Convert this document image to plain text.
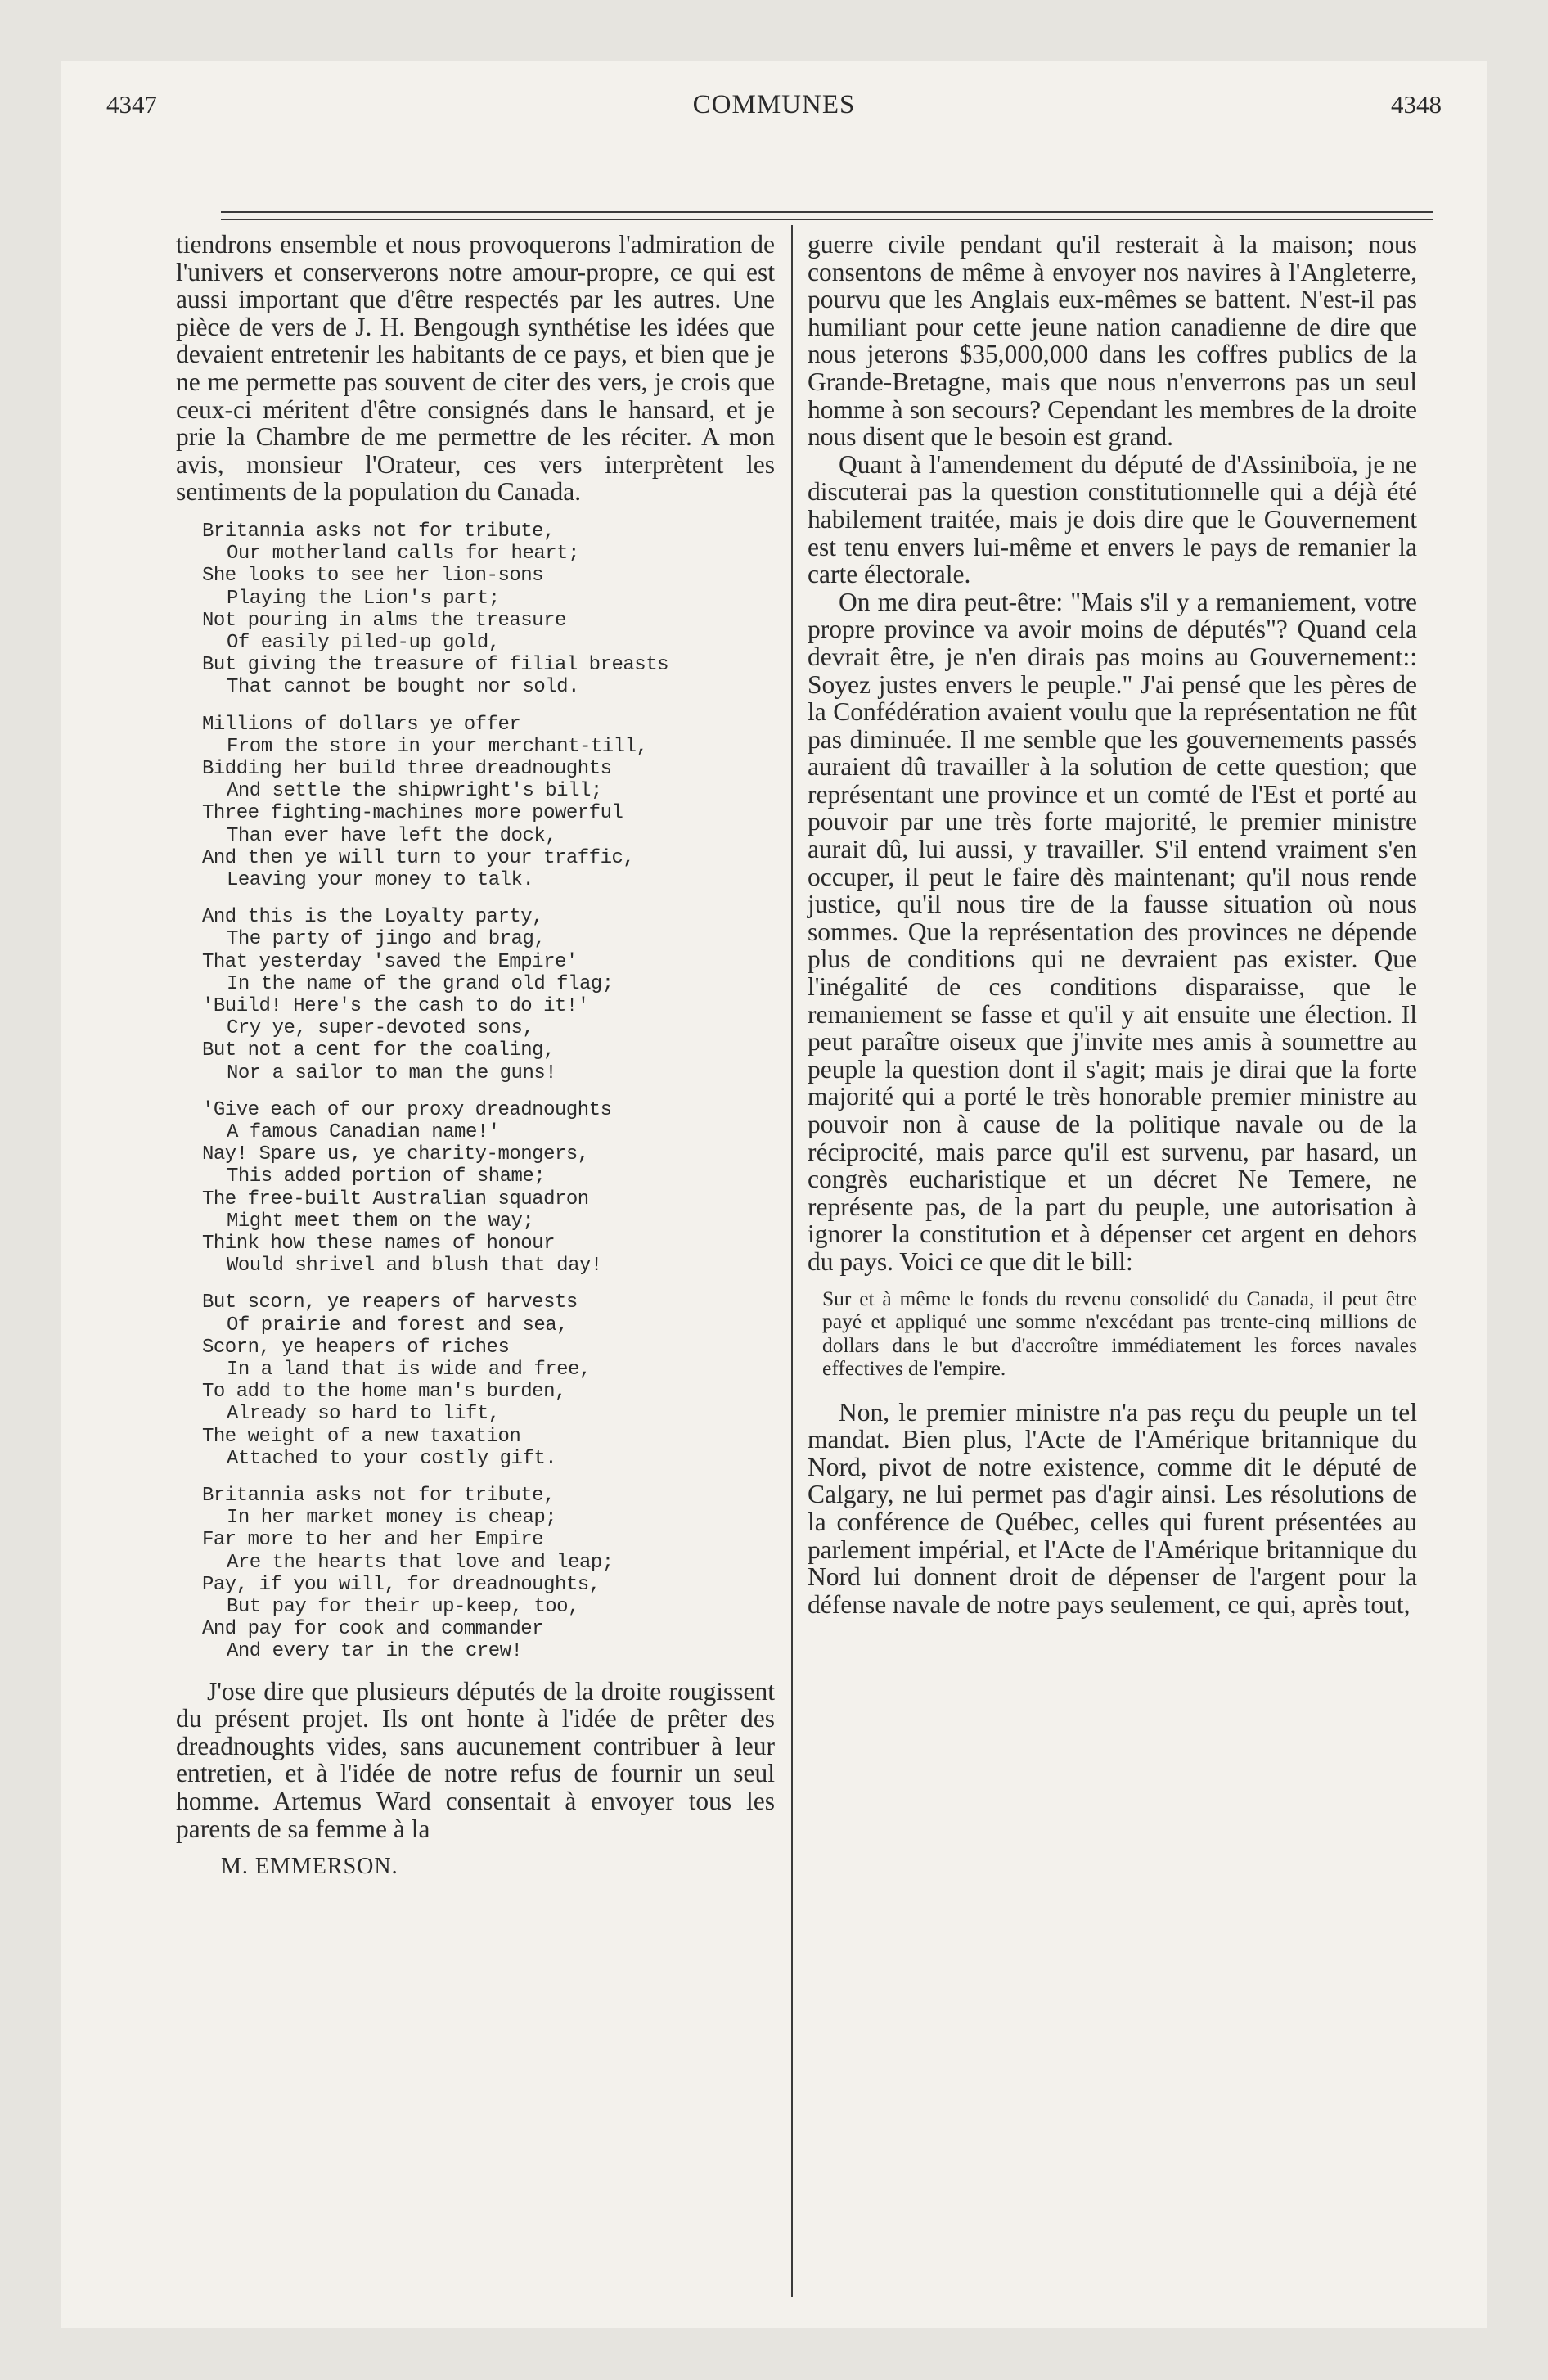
COMMUNES
4347	4348

tiendrons ensemble et nous provoquerons l'admiration de l'univers et conserverons notre amour-propre, ce qui est aussi important que d'être respectés par les autres. Une pièce de vers de J. H. Bengough synthétise les idées que devaient entretenir les habitants de ce pays, et bien que je ne me permette pas souvent de citer des vers, je crois que ceux-ci méritent d'être consignés dans le hansard, et je prie la Chambre de me permettre de les réciter. A mon avis, monsieur l'Orateur, ces vers interprètent les sentiments de la population du Canada.

Britannia asks not for tribute,
Our motherland calls for heart;
She looks to see her lion-sons
Playing the Lion's part;
Not pouring in alms the treasure
Of easily piled-up gold,
But giving the treasure of filial breasts
That cannot be bought nor sold.
Millions of dollars ye offer
From the store in your merchant-till,
Bidding her build three dreadnoughts
And settle the shipwright's bill;
Three fighting-machines more powerful
Than ever have left the dock,
And then ye will turn to your traffic,
Leaving your money to talk.
And this is the Loyalty party,
The party of jingo and brag,
That yesterday 'saved the Empire'
In the name of the grand old flag;
'Build! Here's the cash to do it!'
Cry ye, super-devoted sons,
But not a cent for the coaling,
Nor a sailor to man the guns!
'Give each of our proxy dreadnoughts
A famous Canadian name!'
Nay! Spare us, ye charity-mongers,
This added portion of shame;
The free-built Australian squadron
Might meet them on the way;
Think how these names of honour
Would shrivel and blush that day!
But scorn, ye reapers of harvests
Of prairie and forest and sea,
Scorn, ye heapers of riches
In a land that is wide and free,
To add to the home man's burden,
Already so hard to lift,
The weight of a new taxation
Attached to your costly gift.
Britannia asks not for tribute,
In her market money is cheap;
Far more to her and her Empire
Are the hearts that love and leap;
Pay, if you will, for dreadnoughts,
But pay for their up-keep, too,
And pay for cook and commander
And every tar in the crew!

J'ose dire que plusieurs députés de la droite rougissent du présent projet. Ils ont honte à l'idée de prêter des dreadnoughts vides, sans aucunement contribuer à leur entretien, et à l'idée de notre refus de fournir un seul homme. Artemus Ward consentait à envoyer tous les parents de sa femme à la

M. EMMERSON.

guerre civile pendant qu'il resterait à la maison; nous consentons de même à envoyer nos navires à l'Angleterre, pourvu que les Anglais eux-mêmes se battent. N'est-il pas humiliant pour cette jeune nation canadienne de dire que nous jeterons $35,000,000 dans les coffres publics de la Grande-Bretagne, mais que nous n'enverrons pas un seul homme à son secours? Cependant les membres de la droite nous disent que le besoin est grand.

Quant à l'amendement du député de d'Assiniboïa, je ne discuterai pas la question constitutionnelle qui a déjà été habilement traitée, mais je dois dire que le Gouvernement est tenu envers lui-même et envers le pays de remanier la carte électorale.

On me dira peut-être: "Mais s'il y a remaniement, votre propre province va avoir moins de députés"? Quand cela devrait être, je n'en dirais pas moins au Gouvernement:: Soyez justes envers le peuple." J'ai pensé que les pères de la Confédération avaient voulu que la représentation ne fût pas diminuée. Il me semble que les gouvernements passés auraient dû travailler à la solution de cette question; que représentant une province et un comté de l'Est et porté au pouvoir par une très forte majorité, le premier ministre aurait dû, lui aussi, y travailler. S'il entend vraiment s'en occuper, il peut le faire dès maintenant; qu'il nous rende justice, qu'il nous tire de la fausse situation où nous sommes. Que la représentation des provinces ne dépende plus de conditions qui ne devraient pas exister. Que l'inégalité de ces conditions disparaisse, que le remaniement se fasse et qu'il y ait ensuite une élection. Il peut paraître oiseux que j'invite mes amis à soumettre au peuple la question dont il s'agit; mais je dirai que la forte majorité qui a porté le très honorable premier ministre au pouvoir non à cause de la politique navale ou de la réciprocité, mais parce qu'il est survenu, par hasard, un congrès eucharistique et un décret Ne Temere, ne représente pas, de la part du peuple, une autorisation à ignorer la constitution et à dépenser cet argent en dehors du pays. Voici ce que dit le bill:

Sur et à même le fonds du revenu consolidé du Canada, il peut être payé et appliqué une somme n'excédant pas trente-cinq millions de dollars dans le but d'accroître immédiatement les forces navales effectives de l'empire.

Non, le premier ministre n'a pas reçu du peuple un tel mandat. Bien plus, l'Acte de l'Amérique britannique du Nord, pivot de notre existence, comme dit le député de Calgary, ne lui permet pas d'agir ainsi. Les résolutions de la conférence de Québec, celles qui furent présentées au parlement impérial, et l'Acte de l'Amérique britannique du Nord lui donnent droit de dépenser de l'argent pour la défense navale de notre pays seulement, ce qui, après tout,
